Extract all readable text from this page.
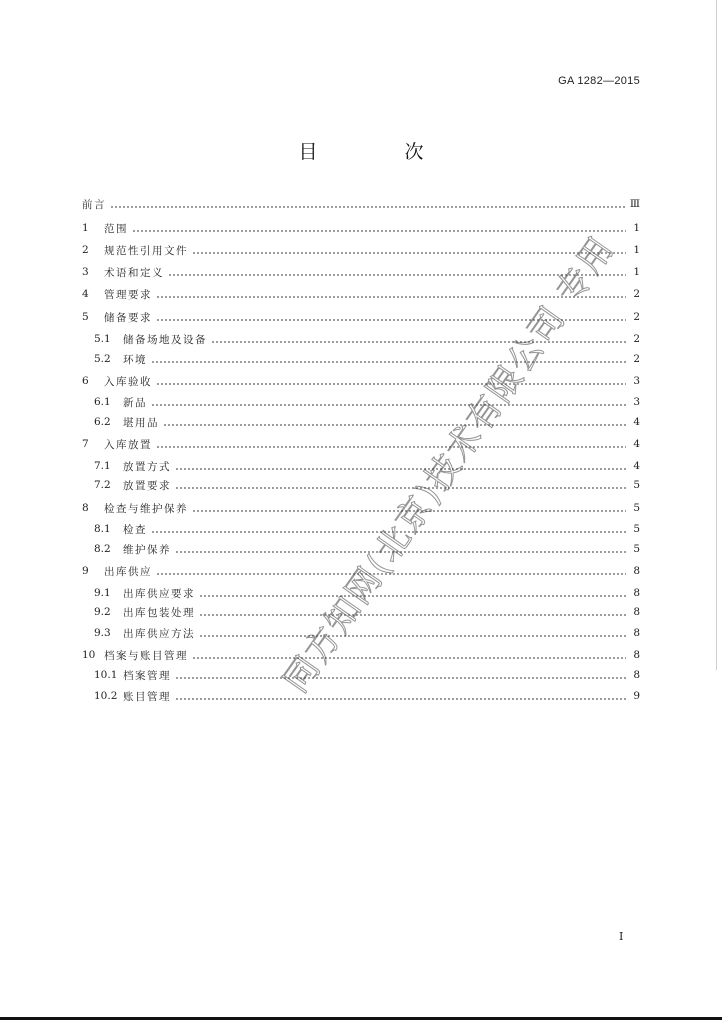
GA 1282—2015
目　次
前言	Ⅲ
1	范围	1
2	规范性引用文件	1
3	术语和定义	1
4	管理要求	2
5	储备要求	2
5.1	储备场地及设备	2
5.2	环境	2
6	入库验收	3
6.1	新品	3
6.2	堪用品	4
7	入库放置	4
7.1	放置方式	4
7.2	放置要求	5
8	检查与维护保养	5
8.1	检查	5
8.2	维护保养	5
9	出库供应	8
9.1	出库供应要求	8
9.2	出库包装处理	8
9.3	出库供应方法	8
10 档案与账目管理	8
10.1 档案管理	8
10.2 账目管理	9
同方知网(北京)技术有限公司 专用
I
